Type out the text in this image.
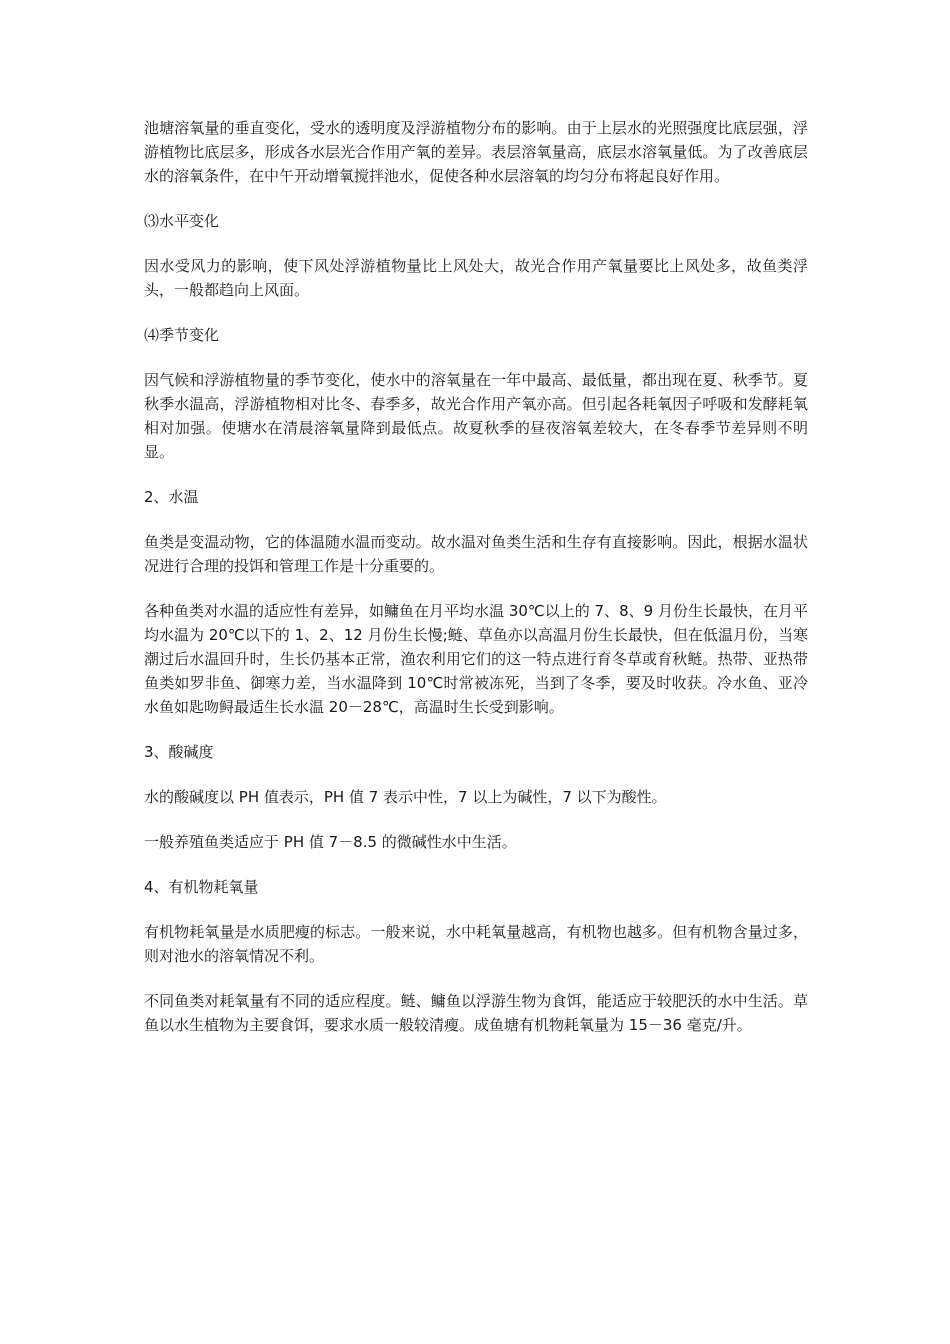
池塘溶氧量的垂直变化，受水的透明度及浮游植物分布的影响。由于上层水的光照强度比底层强，浮游植物比底层多，形成各水层光合作用产氧的差异。表层溶氧量高，底层水溶氧量低。为了改善底层水的溶氧条件，在中午开动增氧搅拌池水，促使各种水层溶氧的均匀分布将起良好作用。

⑶水平变化

因水受风力的影响，使下风处浮游植物量比上风处大，故光合作用产氧量要比上风处多，故鱼类浮头，一般都趋向上风面。

⑷季节变化

因气候和浮游植物量的季节变化，使水中的溶氧量在一年中最高、最低量，都出现在夏、秋季节。夏秋季水温高，浮游植物相对比冬、春季多，故光合作用产氧亦高。但引起各耗氧因子呼吸和发酵耗氧相对加强。使塘水在清晨溶氧量降到最低点。故夏秋季的昼夜溶氧差较大，在冬春季节差异则不明显。

2、水温

鱼类是变温动物，它的体温随水温而变动。故水温对鱼类生活和生存有直接影响。因此，根据水温状况进行合理的投饵和管理工作是十分重要的。

各种鱼类对水温的适应性有差异，如鳙鱼在月平均水温 30℃以上的 7、8、9 月份生长最快，在月平均水温为 20℃以下的 1、2、12 月份生长慢;鲢、草鱼亦以高温月份生长最快，但在低温月份，当寒潮过后水温回升时，生长仍基本正常，渔农利用它们的这一特点进行育冬草或育秋鲢。热带、亚热带鱼类如罗非鱼、御寒力差，当水温降到 10℃时常被冻死，当到了冬季，要及时收获。冷水鱼、亚冷水鱼如匙吻鲟最适生长水温 20－28℃，高温时生长受到影响。

3、酸碱度

水的酸碱度以 PH 值表示，PH 值 7 表示中性，7 以上为碱性，7 以下为酸性。

一般养殖鱼类适应于 PH 值 7－8.5 的微碱性水中生活。

4、有机物耗氧量

有机物耗氧量是水质肥瘦的标志。一般来说，水中耗氧量越高，有机物也越多。但有机物含量过多，则对池水的溶氧情况不利。

不同鱼类对耗氧量有不同的适应程度。鲢、鳙鱼以浮游生物为食饵，能适应于较肥沃的水中生活。草鱼以水生植物为主要食饵，要求水质一般较清瘦。成鱼塘有机物耗氧量为 15－36 毫克/升。
